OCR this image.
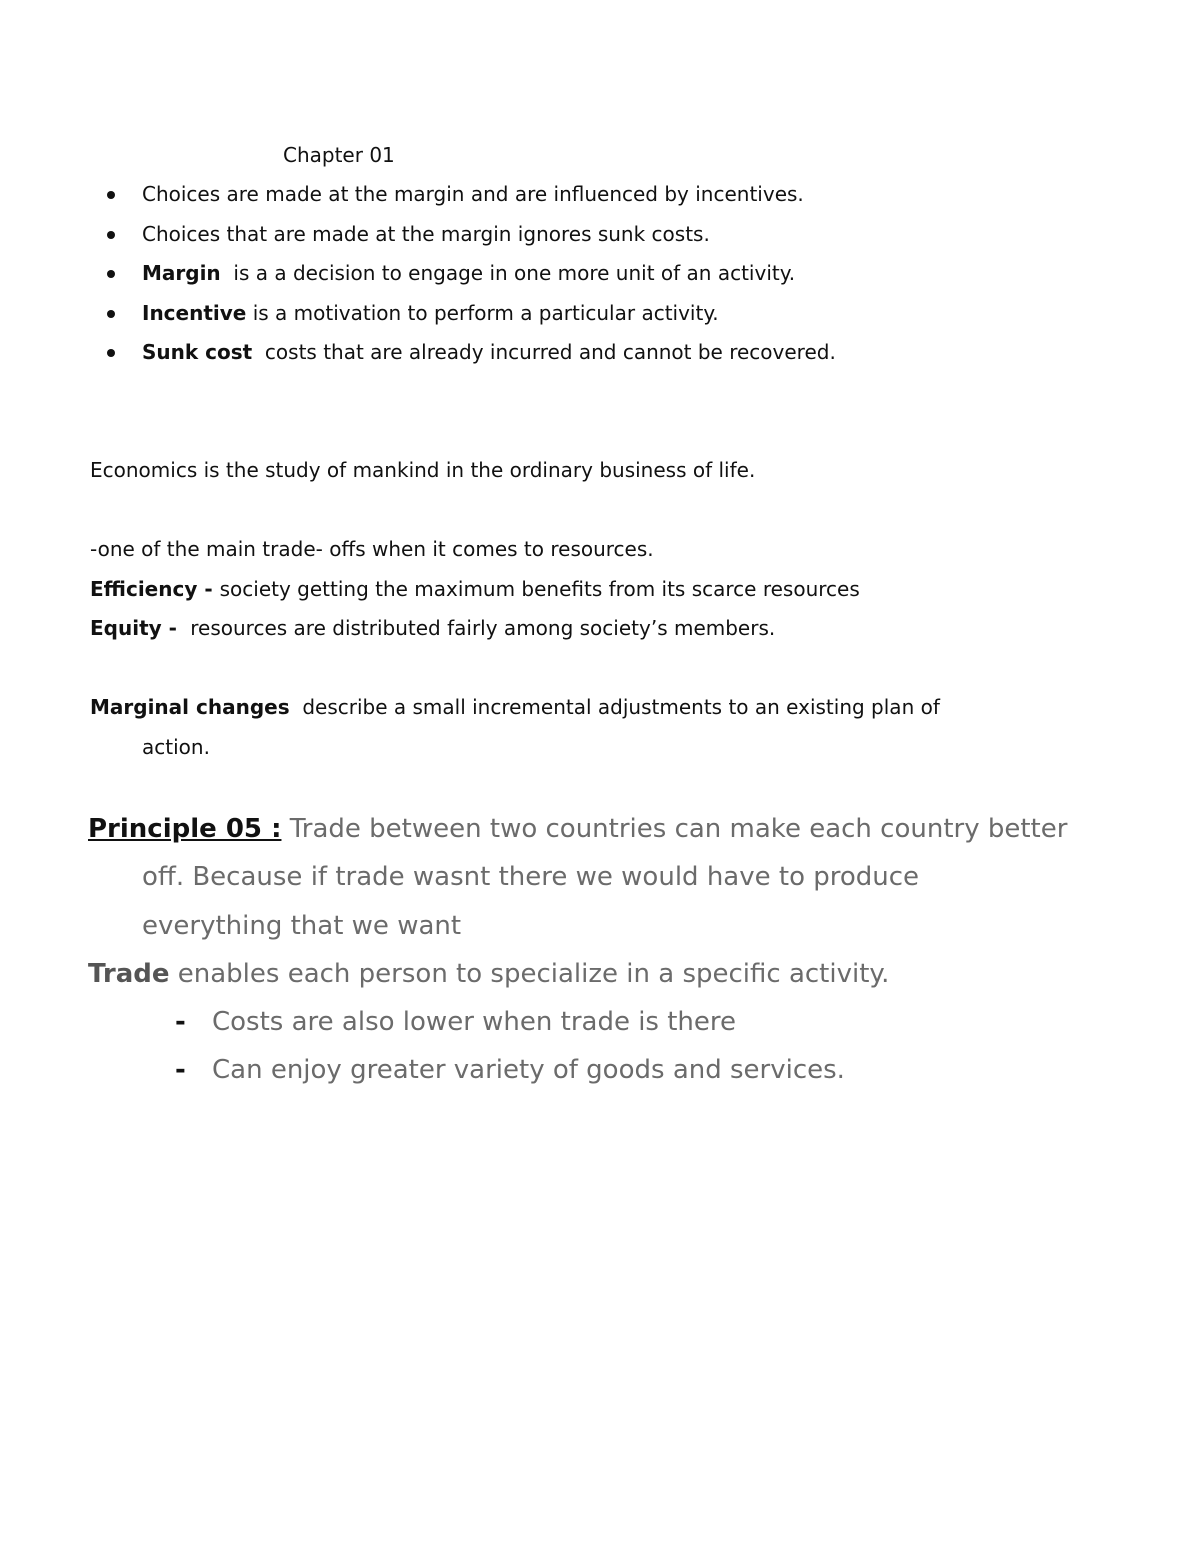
Chapter 01
Choices are made at the margin and are influenced by incentives.
Choices that are made at the margin ignores sunk costs.
Margin  is a a decision to engage in one more unit of an activity.
Incentive is a motivation to perform a particular activity.
Sunk cost  costs that are already incurred and cannot be recovered.
Economics is the study of mankind in the ordinary business of life.
-one of the main trade- offs when it comes to resources.
Efficiency - society getting the maximum benefits from its scarce resources
Equity -  resources are distributed fairly among society’s members.
Marginal changes  describe a small incremental adjustments to an existing plan of
action.
Principle 05 : Trade between two countries can make each country better
off. Because if trade wasnt there we would have to produce
everything that we want
Trade enables each person to specialize in a specific activity.
- Costs are also lower when trade is there
- Can enjoy greater variety of goods and services.
